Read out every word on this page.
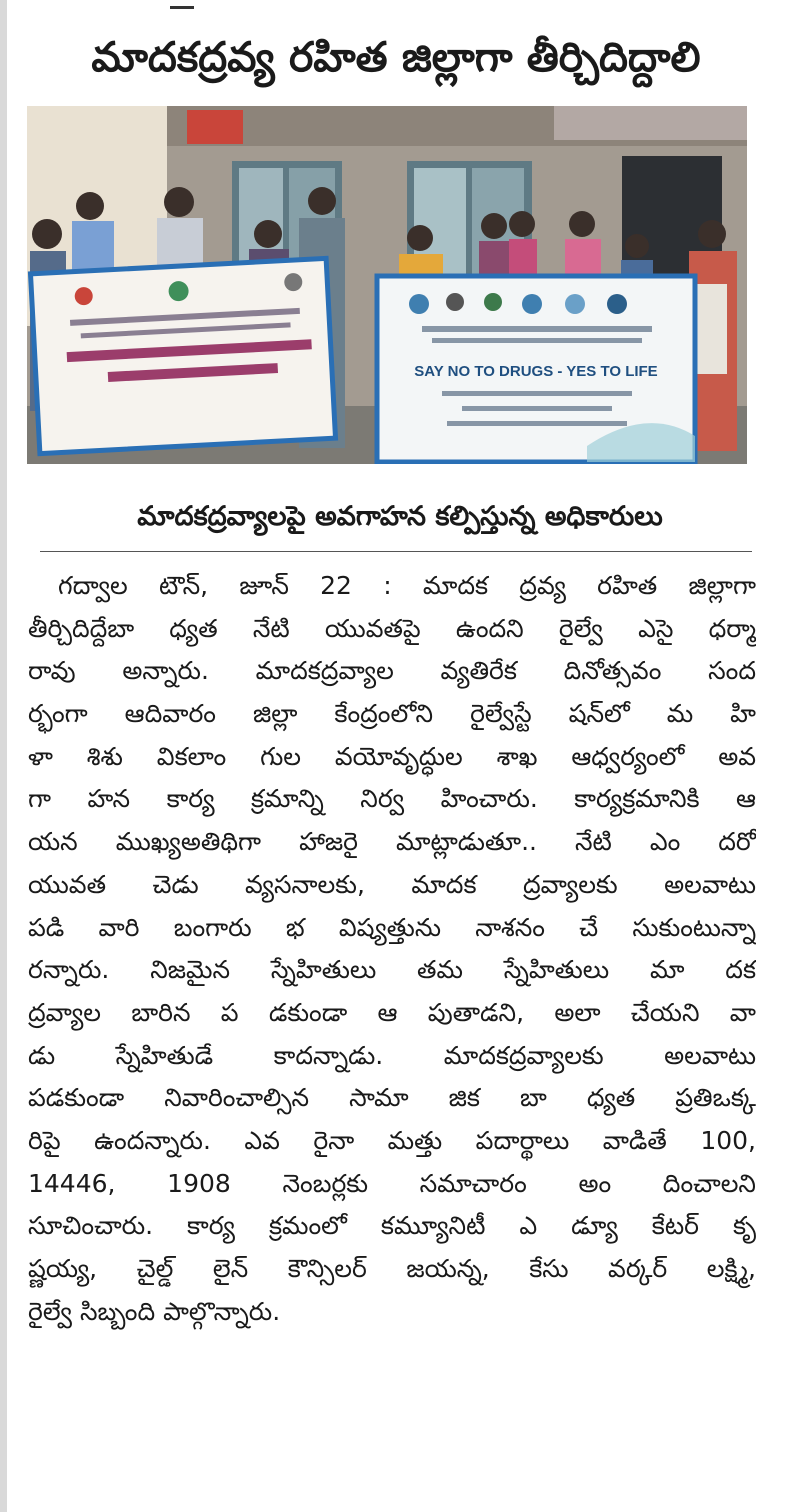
మాదకద్రవ్య రహిత జిల్లాగా తీర్చిదిద్దాలి
SAY NO TO DRUGS - YES TO LIFE
మాదకద్రవ్యాలపై అవగాహన కల్పిస్తున్న అధికారులు
గద్వాల టౌన్, జూన్ 22 : మాదక ద్రవ్య రహిత జిల్లాగా
తీర్చిదిద్దేబా ధ్యత నేటి యువతపై ఉందని రైల్వే ఎసై ధర్మా
రావు అన్నారు. మాదకద్రవ్యాల వ్యతిరేక దినోత్సవం సంద
ర్భంగా ఆదివారం జిల్లా కేంద్రంలోని రైల్వేస్టే షన్‌లో మ హి
ళా శిశు వికలాం గుల వయోవృద్ధుల శాఖ ఆధ్వర్యంలో అవ
గా హన కార్య క్రమాన్ని నిర్వ హించారు. కార్యక్రమానికి ఆ
యన ముఖ్యఅతిథిగా హాజరై మాట్లాడుతూ.. నేటి ఎం దరో
యువత చెడు వ్యసనాలకు, మాదక ద్రవ్యాలకు అలవాటు
పడి వారి బంగారు భ విష్యత్తును నాశనం చే సుకుంటున్నా
రన్నారు. నిజమైన స్నేహితులు తమ స్నేహితులు మా దక
ద్రవ్యాల బారిన ప డకుండా ఆ పుతాడని, అలా చేయని వా
డు స్నేహితుడే కాదన్నాడు. మాదకద్రవ్యాలకు అలవాటు
పడకుండా నివారించాల్సిన సామా జిక బా ధ్యత ప్రతిఒక్క
రిపై ఉందన్నారు. ఎవ రైనా మత్తు పదార్థాలు వాడితే 100,
14446, 1908 నెంబర్లకు సమాచారం అం దించాలని
సూచించారు. కార్య క్రమంలో కమ్యూనిటీ ఎ డ్యూ కేటర్ కృ
ష్ణయ్య, చైల్డ్ లైన్ కౌన్సిలర్ జయన్న, కేసు వర్కర్ లక్ష్మి,
రైల్వే సిబ్బంది పాల్గొన్నారు.
